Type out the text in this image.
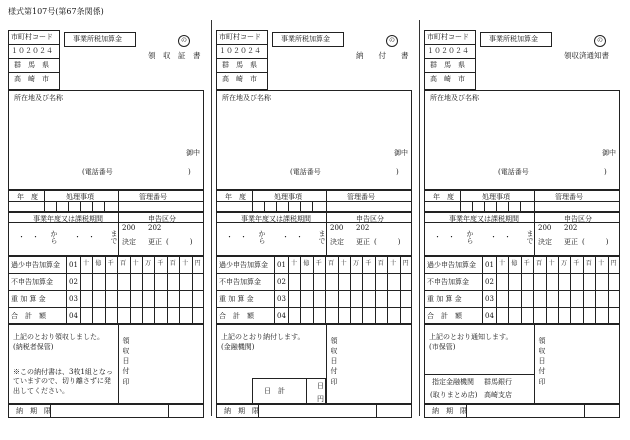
様式第107号(第67条関係)
市町村コード
１０２０２４
群　馬　県
高　崎　市
事業所税加算金	の
領　収　証　書
所在地及び名称
御中
(電話番号	)
年　度	処理事項	管理番号
事業年度又は課税期間	申告区分
・　・ から ・　・ まで
200 202
決定 更正 (　　　)
十	億	千	百	十	万	千	百	十	円
過少申告加算金 01
不申告加算金 02
重 加 算 金	03
合　計　額	04
上記のとおり領収しました。
(納税者保管)
※この納付書は、3枚1組となっていますので、切り離さずに発出してください。
領収日付印
納　期　限
市町村コード
１０２０２４
群　馬　県
高　崎　市
事業所税加算金	の
納　　付　　書
所在地及び名称
御中
(電話番号	)
年　度	処理事項	管理番号
事業年度又は課税期間	申告区分
・　・ から ・　・ まで
200 202
決定 更正 (　　　)
十	億	千	百	十	万	千	百	十	円
過少申告加算金 01
不申告加算金 02
重 加 算 金	03
合　計　額	04
上記のとおり納付します。
(金融機関)
日　計
日
円
領収日付印
納　期　限
市町村コード
１０２０２４
群　馬　県
高　崎　市
事業所税加算金	の
領収済通知書
所在地及び名称
御中
(電話番号	)
年　度	処理事項	管理番号
事業年度又は課税期間	申告区分
・　・ から ・　・ まで
200 202
決定 更正 (　　　)
十	億	千	百	十	万	千	百	十	円
過少申告加算金 01
不申告加算金 02
重 加 算 金	03
合　計　額	04
上記のとおり通知します。
(市保管)
指定金融機関
(取りまとめ店)
群馬銀行
高崎支店
領収日付印
納　期　限
